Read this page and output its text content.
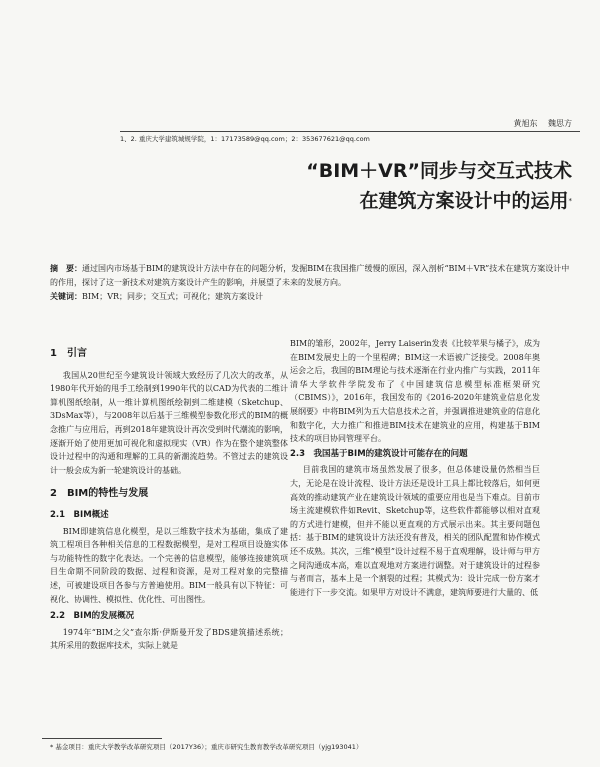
黄旭东 魏思方
1、2. 重庆大学建筑城规学院，1：17173589@qq.com；2：353677621@qq.com
“BIM＋VR”同步与交互式技术
在建筑方案设计中的运用*
摘　要：通过国内市场基于BIM的建筑设计方法中存在的问题分析，发掘BIM在我国推广缓慢的原因，深入剖析“BIM＋VR”技术在建筑方案设计中的作用，探讨了这一新技术对建筑方案设计产生的影响，并展望了未来的发展方向。
关键词：BIM；VR；同步；交互式；可视化；建筑方案设计
1　引言

我国从20世纪至今建筑设计领域大致经历了几次大的改革，从1980年代开始的甩手工绘制到1990年代的以CAD为代表的二维计算机图纸绘制，从一维计算机图纸绘制到二维建模（Sketchup、3DsMax等），与2008年以后基于三维模型参数化形式的BIM的概念推广与应用后，再到2018年建筑设计再次受到时代潮流的影响，逐渐开始了使用更加可视化和虚拟现实（VR）作为在整个建筑整体设计过程中的沟通和理解的工具的新潮流趋势。不管过去的建筑设计一般会成为新一轮建筑设计的基础。

2　BIM的特性与发展
2.1　BIM概述

BIM即建筑信息化模型，是以三维数字技术为基础，集成了建筑工程项目各种相关信息的工程数据模型，是对工程项目设施实体与功能特性的数字化表达。一个完善的信息模型，能够连接建筑项目生命期不同阶段的数据、过程和资源，是对工程对象的完整描述，可被建设项目各参与方普遍使用。BIM一般具有以下特征：可视化、协调性、模拟性、优化性、可出图性。

2.2　BIM的发展概况

1974年“BIM之父”查尔斯·伊斯曼开发了BDS建筑描述系统；其所采用的数据库技术，实际上就是

BIM的雏形，2002年，Jerry Laiserin发表《比较苹果与橘子》，成为在BIM发展史上的一个里程碑；BIM这一术语被广泛接受。2008年奥运会之后，我国的BIM理论与技术逐渐在行业内推广与实践，2011年清华大学软件学院发布了《中国建筑信息模型标准框架研究（CBIMS）》，2016年，我国发布的《2016-2020年建筑业信息化发展纲要》中将BIM列为五大信息技术之首，并强调推进建筑业的信息化和数字化，大力推广和推进BIM技术在建筑业的应用，构建基于BIM技术的项目协同管理平台。

2.3　我国基于BIM的建筑设计可能存在的问题

目前我国的建筑市场虽然发展了很多，但总体建设量仍然相当巨大，无论是在设计流程、设计方法还是设计工具上都比较落后，如何更高效的推动建筑产业在建筑设计领域的重要应用也是当下难点。目前市场主流建模软件如Revit、Sketchup等，这些软件都能够以相对直观的方式进行建模，但并不能以更直观的方式展示出来。其主要问题包括：基于BIM的建筑设计方法还没有普及，相关的团队配置和协作模式还不成熟。其次，三维“模型”设计过程不易于直观理解，设计师与甲方之间沟通成本高，难以直观地对方案进行调整。对于建筑设计的过程参与者而言，基本上是一个割裂的过程；其模式为：设计完成一份方案才能进行下一步交流。如果甲方对设计不满意，建筑师要进行大量的、低

* 基金项目：重庆大学教学改革研究项目（2017Y36）；重庆市研究生教育教学改革研究项目（yjg193041）
